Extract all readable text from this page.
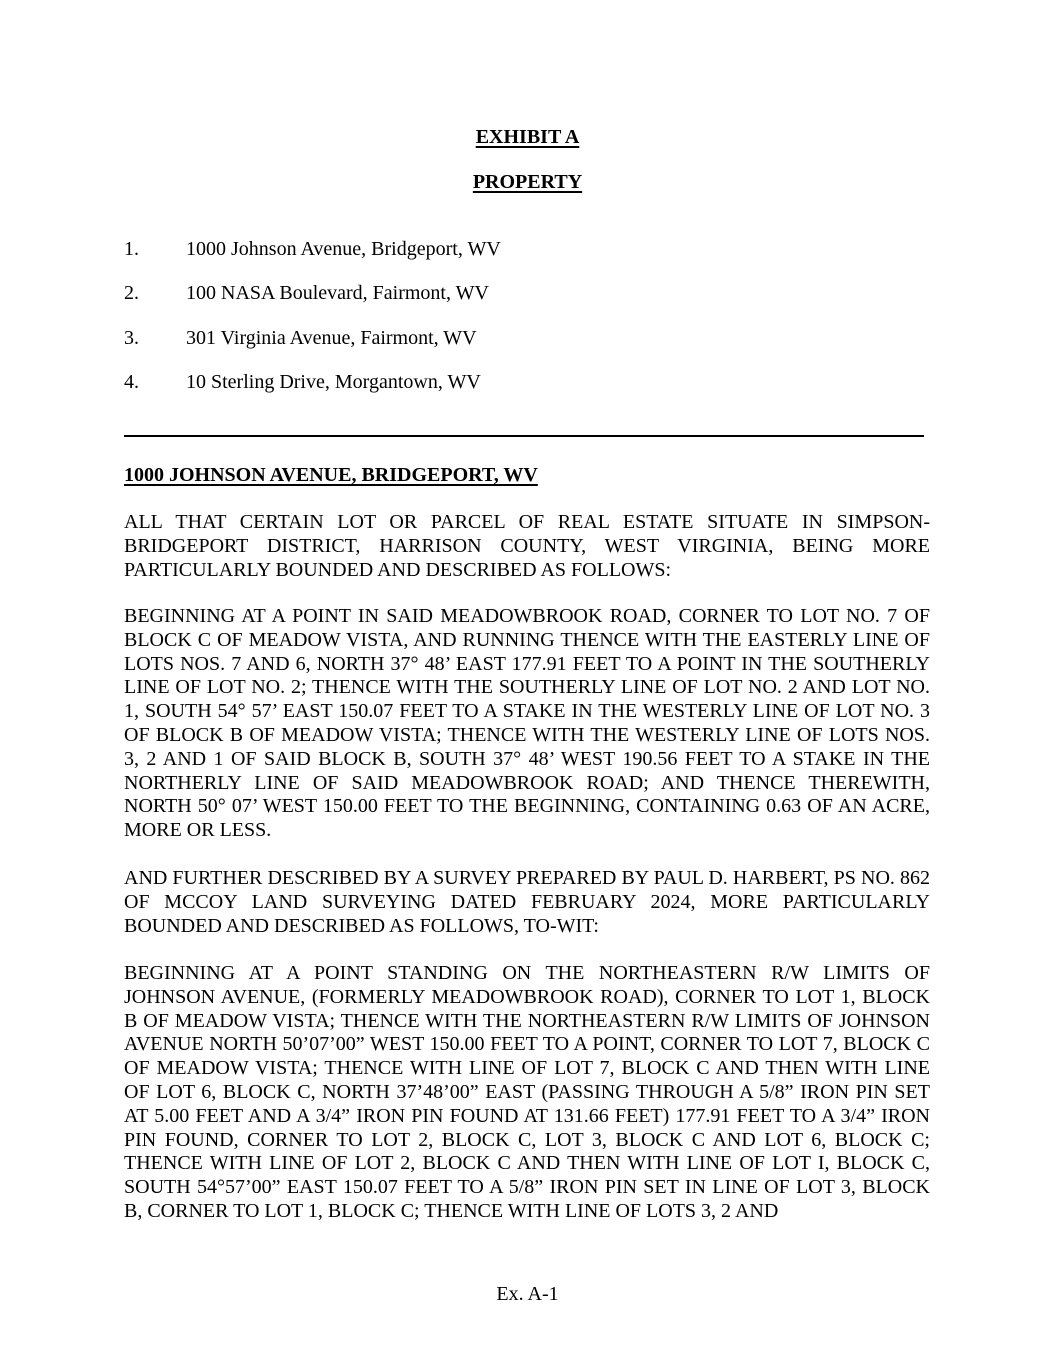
EXHIBIT A
PROPERTY
1.	1000 Johnson Avenue, Bridgeport, WV
2.	100 NASA Boulevard, Fairmont, WV
3.	301 Virginia Avenue, Fairmont, WV
4.	10 Sterling Drive, Morgantown, WV
1000 JOHNSON AVENUE, BRIDGEPORT, WV

ALL THAT CERTAIN LOT OR PARCEL OF REAL ESTATE SITUATE IN SIMPSON-BRIDGEPORT DISTRICT, HARRISON COUNTY, WEST VIRGINIA, BEING MORE PARTICULARLY BOUNDED AND DESCRIBED AS FOLLOWS:

BEGINNING AT A POINT IN SAID MEADOWBROOK ROAD, CORNER TO LOT NO. 7 OF BLOCK C OF MEADOW VISTA, AND RUNNING THENCE WITH THE EASTERLY LINE OF LOTS NOS. 7 AND 6, NORTH 37° 48’ EAST 177.91 FEET TO A POINT IN THE SOUTHERLY LINE OF LOT NO. 2; THENCE WITH THE SOUTHERLY LINE OF LOT NO. 2 AND LOT NO. 1, SOUTH 54° 57’ EAST 150.07 FEET TO A STAKE IN THE WESTERLY LINE OF LOT NO. 3 OF BLOCK B OF MEADOW VISTA; THENCE WITH THE WESTERLY LINE OF LOTS NOS. 3, 2 AND 1 OF SAID BLOCK B, SOUTH 37° 48’ WEST 190.56 FEET TO A STAKE IN THE NORTHERLY LINE OF SAID MEADOWBROOK ROAD; AND THENCE THEREWITH, NORTH 50° 07’ WEST 150.00 FEET TO THE BEGINNING, CONTAINING 0.63 OF AN ACRE, MORE OR LESS.

AND FURTHER DESCRIBED BY A SURVEY PREPARED BY PAUL D. HARBERT, PS NO. 862 OF MCCOY LAND SURVEYING DATED FEBRUARY 2024, MORE PARTICULARLY BOUNDED AND DESCRIBED AS FOLLOWS, TO-WIT:

BEGINNING AT A POINT STANDING ON THE NORTHEASTERN R/W LIMITS OF JOHNSON AVENUE, (FORMERLY MEADOWBROOK ROAD), CORNER TO LOT 1, BLOCK B OF MEADOW VISTA; THENCE WITH THE NORTHEASTERN R/W LIMITS OF JOHNSON AVENUE NORTH 50’07’00” WEST 150.00 FEET TO A POINT, CORNER TO LOT 7, BLOCK C OF MEADOW VISTA; THENCE WITH LINE OF LOT 7, BLOCK C AND THEN WITH LINE OF LOT 6, BLOCK C, NORTH 37’48’00” EAST (PASSING THROUGH A 5/8” IRON PIN SET AT 5.00 FEET AND A 3/4” IRON PIN FOUND AT 131.66 FEET) 177.91 FEET TO A 3/4” IRON PIN FOUND, CORNER TO LOT 2, BLOCK C, LOT 3, BLOCK C AND LOT 6, BLOCK C; THENCE WITH LINE OF LOT 2, BLOCK C AND THEN WITH LINE OF LOT I, BLOCK C, SOUTH 54°57’00” EAST 150.07 FEET TO A 5/8” IRON PIN SET IN LINE OF LOT 3, BLOCK B, CORNER TO LOT 1, BLOCK C; THENCE WITH LINE OF LOTS 3, 2 AND

Ex. A-1
